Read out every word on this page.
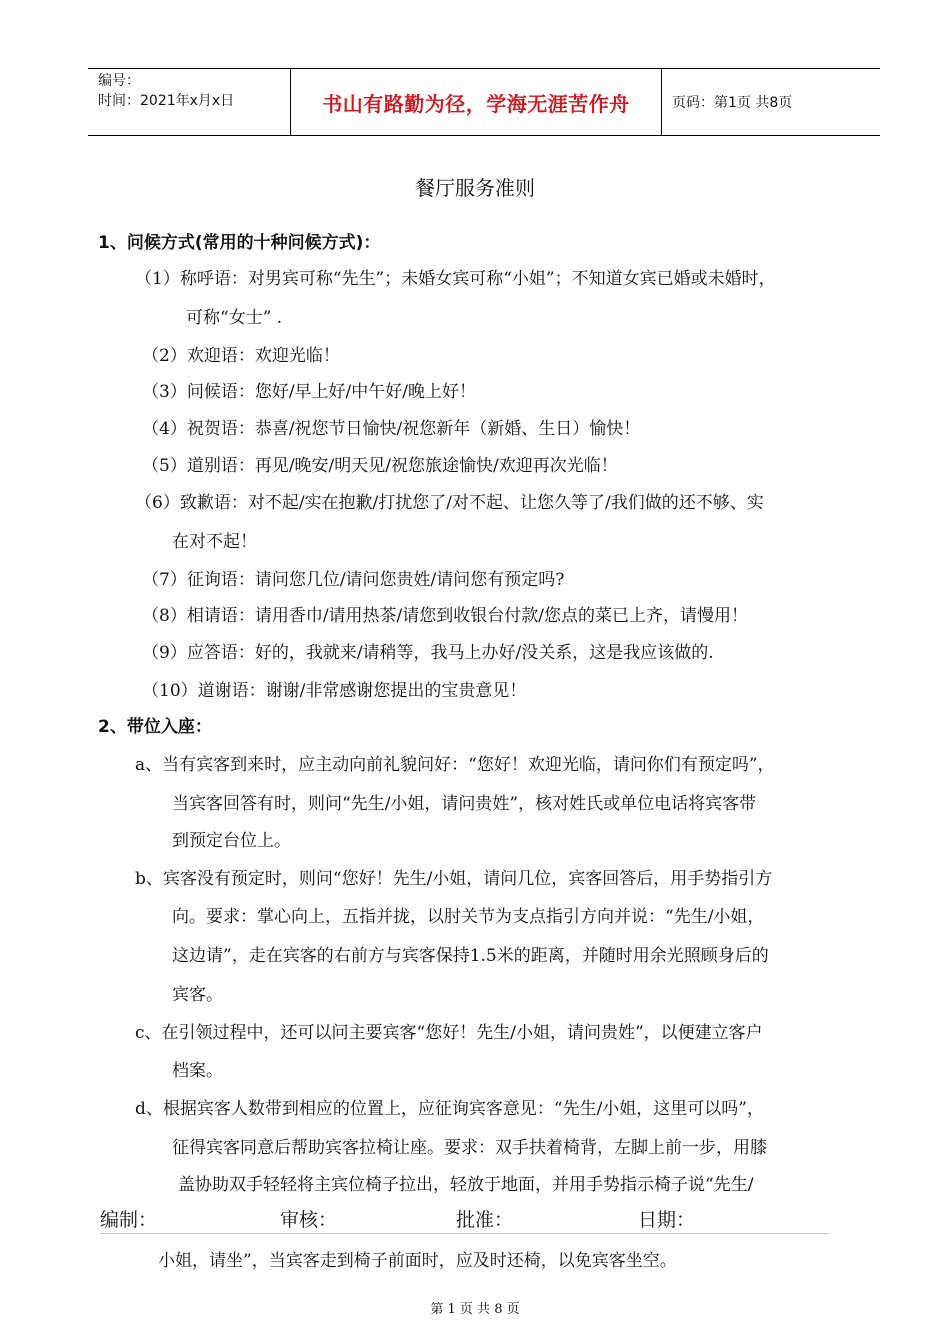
编号：
时间：2021年x月x日	书山有路勤为径，学海无涯苦作舟	页码：第1页 共8页
餐厅服务准则
1、问候方式(常用的十种问候方式)：
（1）称呼语：对男宾可称“先生”；未婚女宾可称“小姐”；不知道女宾已婚或未婚时，
可称“女士” .
（2）欢迎语：欢迎光临！
（3）问候语：您好/早上好/中午好/晚上好！
（4）祝贺语：恭喜/祝您节日愉快/祝您新年（新婚、生日）愉快！
（5）道别语：再见/晚安/明天见/祝您旅途愉快/欢迎再次光临！
（6）致歉语：对不起/实在抱歉/打扰您了/对不起、让您久等了/我们做的还不够、实
在对不起！
（7）征询语：请问您几位/请问您贵姓/请问您有预定吗?
（8）相请语：请用香巾/请用热茶/请您到收银台付款/您点的菜已上齐，请慢用！
（9）应答语：好的，我就来/请稍等，我马上办好/没关系，这是我应该做的.
（10）道谢语：谢谢/非常感谢您提出的宝贵意见！
2、带位入座：
a、当有宾客到来时，应主动向前礼貌问好：“您好！欢迎光临，请问你们有预定吗”，
当宾客回答有时，则问“先生/小姐，请问贵姓”，核对姓氏或单位电话将宾客带
到预定台位上。
b、宾客没有预定时，则问“您好！先生/小姐，请问几位，宾客回答后，用手势指引方
向。要求：掌心向上，五指并拢，以肘关节为支点指引方向并说：“先生/小姐，
这边请”，走在宾客的右前方与宾客保持1.5米的距离，并随时用余光照顾身后的
宾客。
c、在引领过程中，还可以问主要宾客“您好！先生/小姐，请问贵姓”，以便建立客户
档案。
d、根据宾客人数带到相应的位置上，应征询宾客意见：“先生/小姐，这里可以吗”，
征得宾客同意后帮助宾客拉椅让座。要求：双手扶着椅背，左脚上前一步，用膝
盖协助双手轻轻将主宾位椅子拉出，轻放于地面，并用手势指示椅子说“先生/
编制：	审核：	批准：	日期：
小姐，请坐”，当宾客走到椅子前面时，应及时还椅，以免宾客坐空。
第 1 页 共 8 页
